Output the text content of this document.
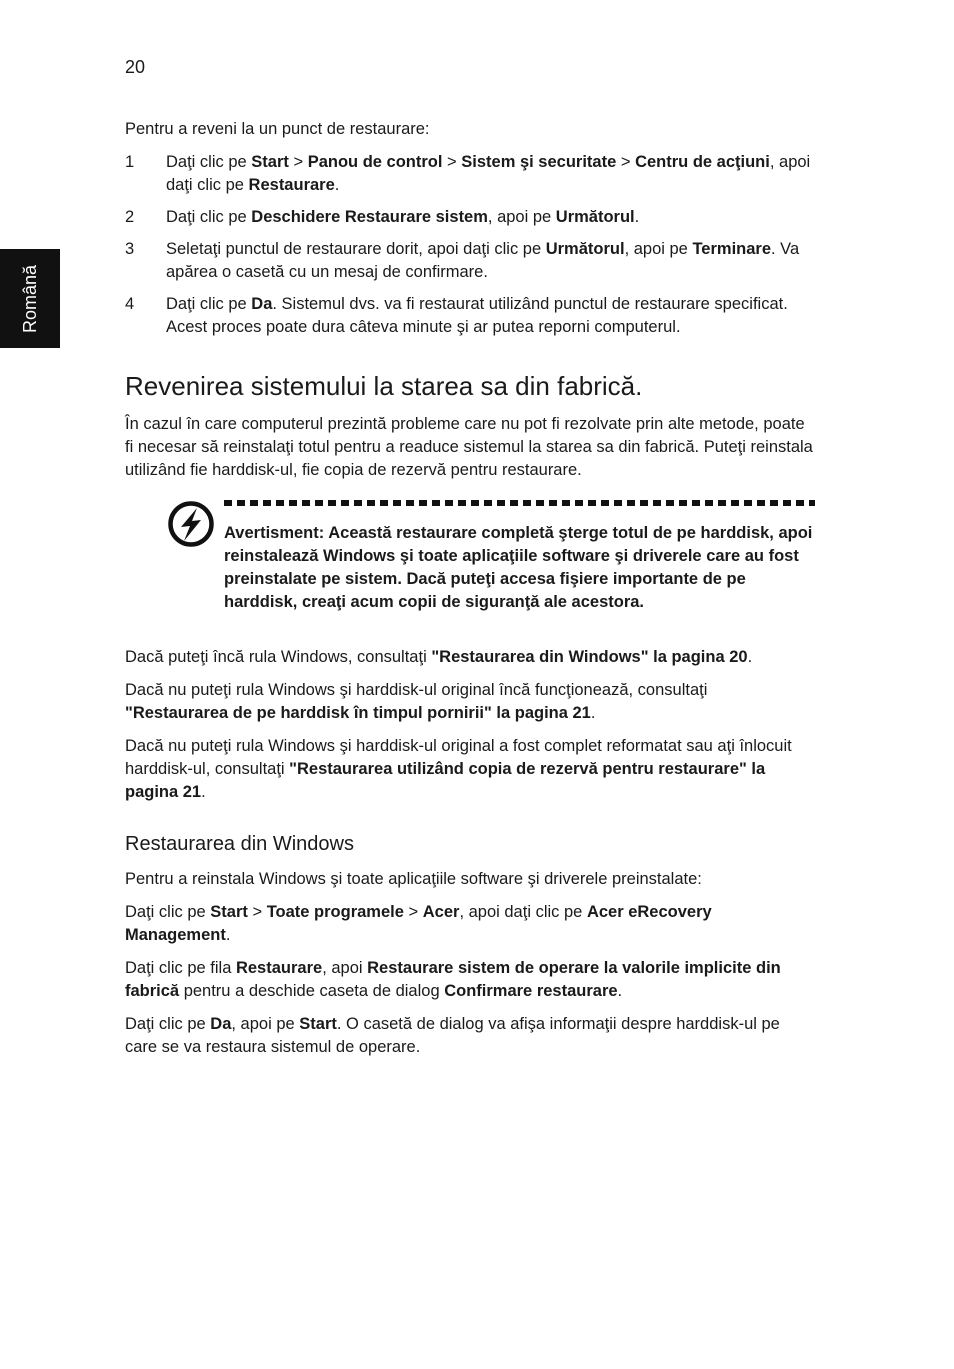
20
Română

Pentru a reveni la un punct de restaurare:

1 Daţi clic pe Start > Panou de control > Sistem şi securitate > Centru de acţiuni, apoi daţi clic pe Restaurare.
2 Daţi clic pe Deschidere Restaurare sistem, apoi pe Următorul.
3 Seletaţi punctul de restaurare dorit, apoi daţi clic pe Următorul, apoi pe Terminare. Va apărea o casetă cu un mesaj de confirmare.
4 Daţi clic pe Da. Sistemul dvs. va fi restaurat utilizând punctul de restaurare specificat. Acest proces poate dura câteva minute şi ar putea reporni computerul.
Revenirea sistemului la starea sa din fabrică.

În cazul în care computerul prezintă probleme care nu pot fi rezolvate prin alte metode, poate fi necesar să reinstalaţi totul pentru a readuce sistemul la starea sa din fabrică. Puteţi reinstala utilizând fie harddisk-ul, fie copia de rezervă pentru restaurare.

Avertisment: Această restaurare completă şterge totul de pe harddisk, apoi reinstalează Windows şi toate aplicaţiile software şi driverele care au fost preinstalate pe sistem. Dacă puteţi accesa fişiere importante de pe harddisk, creaţi acum copii de siguranţă ale acestora.

Dacă puteţi încă rula Windows, consultaţi "Restaurarea din Windows" la pagina 20.

Dacă nu puteţi rula Windows şi harddisk-ul original încă funcţionează, consultaţi "Restaurarea de pe harddisk în timpul pornirii" la pagina 21.

Dacă nu puteţi rula Windows şi harddisk-ul original a fost complet reformatat sau aţi înlocuit harddisk-ul, consultaţi "Restaurarea utilizând copia de rezervă pentru restaurare" la pagina 21.

Restaurarea din Windows

Pentru a reinstala Windows şi toate aplicaţiile software şi driverele preinstalate:

Daţi clic pe Start > Toate programele > Acer, apoi daţi clic pe Acer eRecovery Management.

Daţi clic pe fila Restaurare, apoi Restaurare sistem de operare la valorile implicite din fabrică pentru a deschide caseta de dialog Confirmare restaurare.

Daţi clic pe Da, apoi pe Start. O casetă de dialog va afişa informaţii despre harddisk-ul pe care se va restaura sistemul de operare.
